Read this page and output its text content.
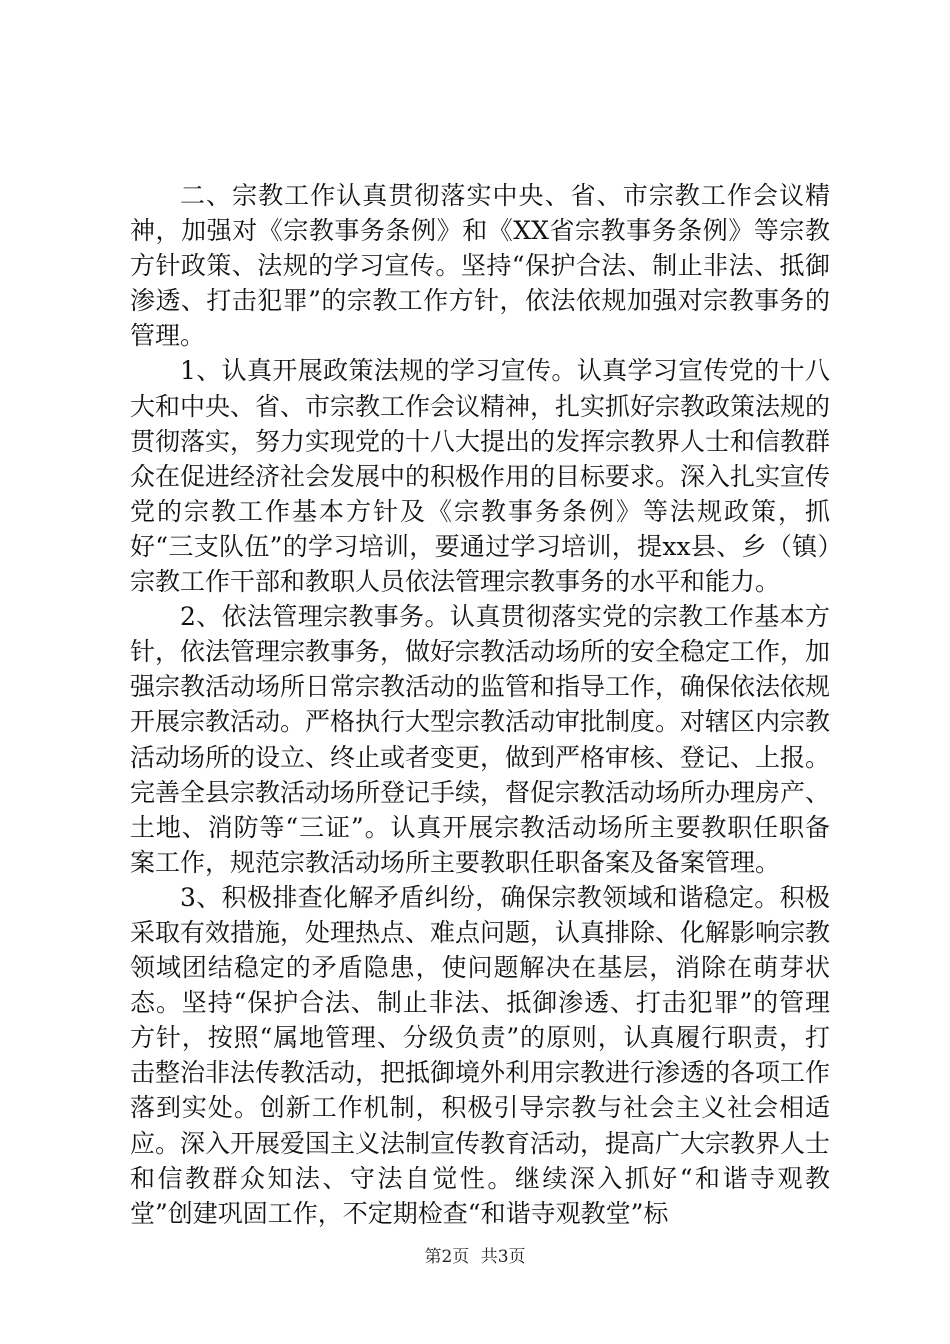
二、宗教工作认真贯彻落实中央、省、市宗教工作会议精神，加强对《宗教事务条例》和《XX省宗教事务条例》等宗教方针政策、法规的学习宣传。坚持“保护合法、制止非法、抵御渗透、打击犯罪”的宗教工作方针，依法依规加强对宗教事务的管理。

1、认真开展政策法规的学习宣传。认真学习宣传党的十八大和中央、省、市宗教工作会议精神，扎实抓好宗教政策法规的贯彻落实，努力实现党的十八大提出的发挥宗教界人士和信教群众在促进经济社会发展中的积极作用的目标要求。深入扎实宣传党的宗教工作基本方针及《宗教事务条例》等法规政策，抓好“三支队伍”的学习培训，要通过学习培训，提xx县、乡（镇）宗教工作干部和教职人员依法管理宗教事务的水平和能力。

2、依法管理宗教事务。认真贯彻落实党的宗教工作基本方针，依法管理宗教事务，做好宗教活动场所的安全稳定工作，加强宗教活动场所日常宗教活动的监管和指导工作，确保依法依规开展宗教活动。严格执行大型宗教活动审批制度。对辖区内宗教活动场所的设立、终止或者变更，做到严格审核、登记、上报。完善全县宗教活动场所登记手续，督促宗教活动场所办理房产、土地、消防等“三证”。认真开展宗教活动场所主要教职任职备案工作，规范宗教活动场所主要教职任职备案及备案管理。

3、积极排查化解矛盾纠纷，确保宗教领域和谐稳定。积极采取有效措施，处理热点、难点问题，认真排除、化解影响宗教领域团结稳定的矛盾隐患，使问题解决在基层，消除在萌芽状态。坚持“保护合法、制止非法、抵御渗透、打击犯罪”的管理方针，按照“属地管理、分级负责”的原则，认真履行职责，打击整治非法传教活动，把抵御境外利用宗教进行渗透的各项工作落到实处。创新工作机制，积极引导宗教与社会主义社会相适应。深入开展爱国主义法制宣传教育活动，提高广大宗教界人士和信教群众知法、守法自觉性。继续深入抓好“和谐寺观教堂”创建巩固工作，不定期检查“和谐寺观教堂”标

第2页 共3页
